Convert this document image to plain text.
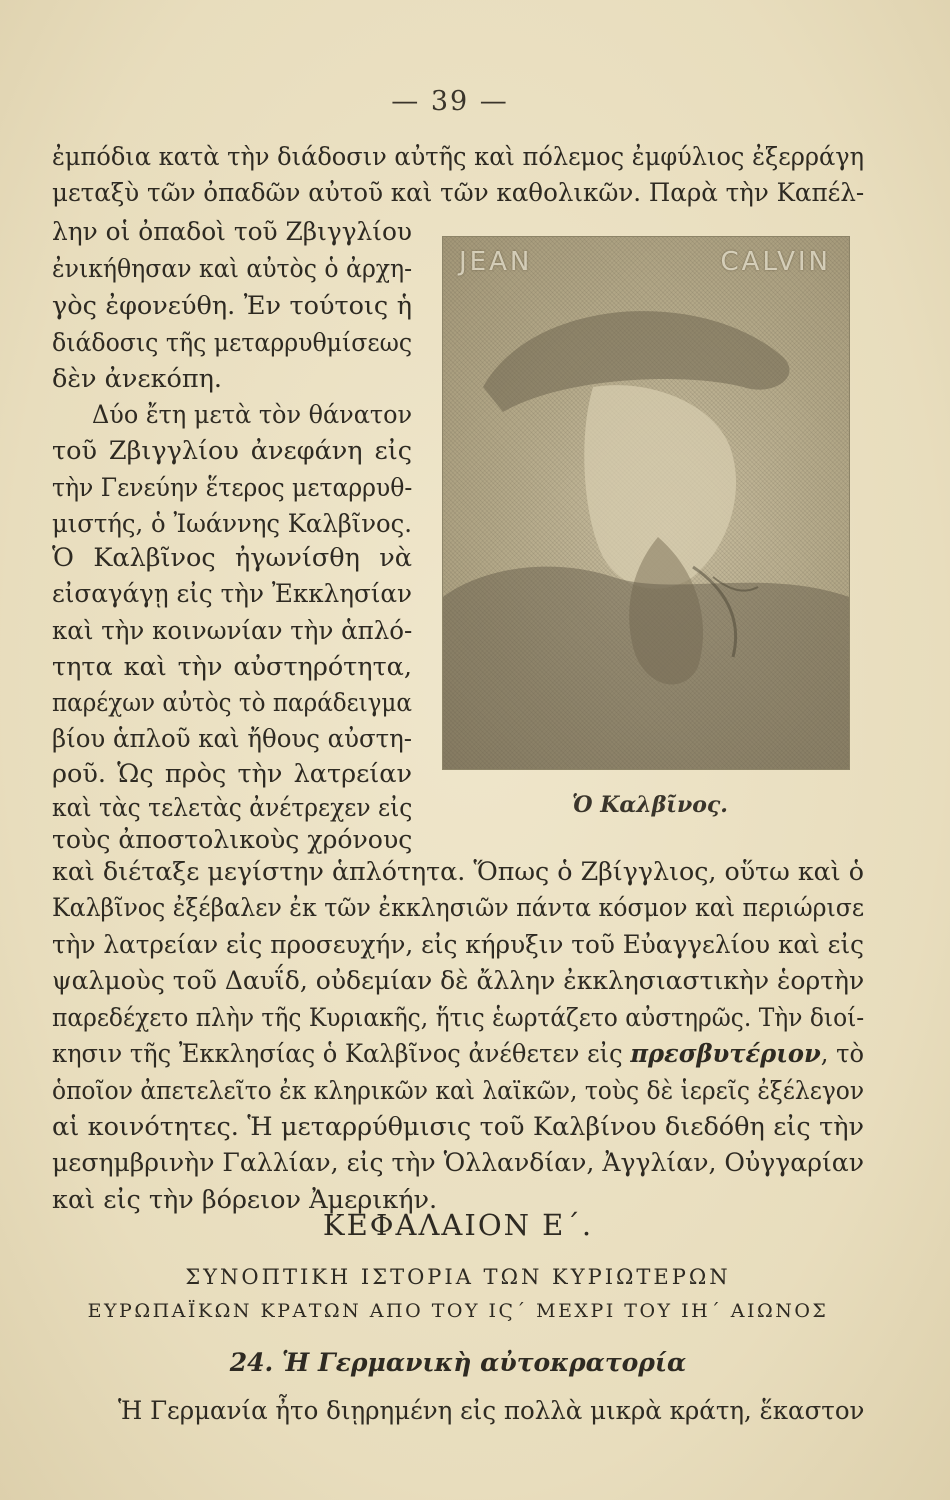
— 39 —
ἐμπόδια κατὰ τὴν διάδοσιν αὐτῆς καὶ πόλεμος ἐμφύλιος ἐξερράγη
μεταξὺ τῶν ὀπαδῶν αὐτοῦ καὶ τῶν καθολικῶν. Παρὰ τὴν Καπέλ-
λην οἱ ὀπαδοὶ τοῦ Ζβιγγλίου
ἐνικήθησαν καὶ αὐτὸς ὁ ἀρχη-
γὸς ἐφονεύθη. Ἐν τούτοις ἡ
διάδοσις τῆς μεταρρυθμίσεως
δὲν ἀνεκόπη.
Δύο ἔτη μετὰ τὸν θάνατον
τοῦ Ζβιγγλίου ἀνεφάνη εἰς
τὴν Γενεύην ἕτερος μεταρρυθ-
μιστής, ὁ Ἰωάννης Καλβῖνος.
Ὁ Καλβῖνος ἠγωνίσθη νὰ
εἰσαγάγῃ εἰς τὴν Ἐκκλησίαν
καὶ τὴν κοινωνίαν τὴν ἁπλό-
τητα καὶ τὴν αὐστηρότητα,
παρέχων αὐτὸς τὸ παράδειγμα
βίου ἁπλοῦ καὶ ἤθους αὐστη-
ροῦ. Ὡς πρὸς τὴν λατρείαν
καὶ τὰς τελετὰς ἀνέτρεχεν εἰς
τοὺς ἀποστολικοὺς χρόνους
JEAN	CALVIN
Ὁ Καλβῖνος.
καὶ διέταξε μεγίστην ἁπλότητα. Ὅπως ὁ Ζβίγγλιος, οὕτω καὶ ὁ
Καλβῖνος ἐξέβαλεν ἐκ τῶν ἐκκλησιῶν πάντα κόσμον καὶ περιώρισε
τὴν λατρείαν εἰς προσευχήν, εἰς κήρυξιν τοῦ Εὐαγγελίου καὶ εἰς
ψαλμοὺς τοῦ Δαυΐδ, οὐδεμίαν δὲ ἄλλην ἐκκλησιαστικὴν ἑορτὴν
παρεδέχετο πλὴν τῆς Κυριακῆς, ἥτις ἑωρτάζετο αὐστηρῶς. Τὴν διοί-
κησιν τῆς Ἐκκλησίας ὁ Καλβῖνος ἀνέθετεν εἰς πρεσβυτέριον, τὸ
ὁποῖον ἀπετελεῖτο ἐκ κληρικῶν καὶ λαϊκῶν, τοὺς δὲ ἱερεῖς ἐξέλεγον
αἱ κοινότητες. Ἡ μεταρρύθμισις τοῦ Καλβίνου διεδόθη εἰς τὴν
μεσημβρινὴν Γαλλίαν, εἰς τὴν Ὁλλανδίαν, Ἀγγλίαν, Οὐγγαρίαν
καὶ εἰς τὴν βόρειον Ἀμερικήν.
ΚΕΦΑΛΑΙΟΝ Ε΄.
ΣΥΝΟΠΤΙΚΗ ΙΣΤΟΡΙΑ ΤΩΝ ΚΥΡΙΩΤΕΡΩΝ
ΕΥΡΩΠΑΪΚΩΝ ΚΡΑΤΩΝ ΑΠΟ ΤΟΥ ΙϚ΄ ΜΕΧΡΙ ΤΟΥ ΙΗ΄ ΑΙΩΝΟΣ
24. Ἡ Γερμανικὴ αὐτοκρατορία
Ἡ Γερμανία ἦτο διῃρημένη εἰς πολλὰ μικρὰ κράτη, ἕκαστον
